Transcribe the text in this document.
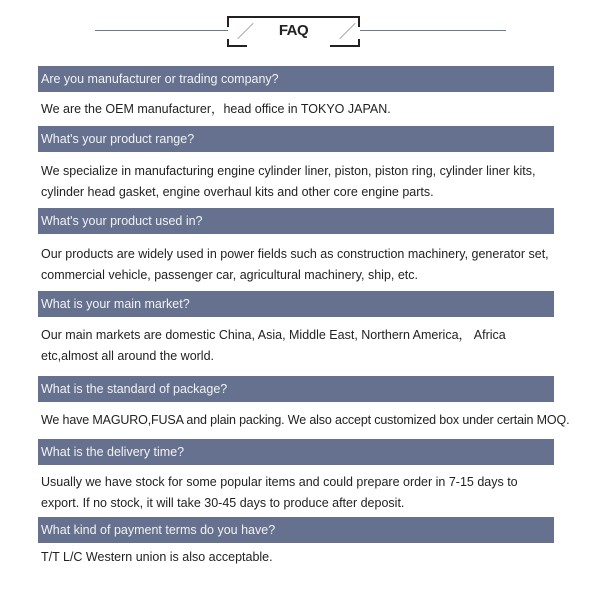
FAQ
Are you manufacturer or trading company?
We are the OEM manufacturer，head office in TOKYO JAPAN.
What's your product range?
We specialize in manufacturing engine cylinder liner, piston, piston ring, cylinder liner kits, cylinder head gasket, engine overhaul kits and other core engine parts.
What's your product used in?
Our products are widely used in power fields such as construction machinery, generator set, commercial vehicle, passenger car, agricultural machinery, ship, etc.
What is your main market?
Our main markets are domestic China, Asia, Middle East, Northern America， Africa etc,almost all around the world.
What is the standard of package?
We have MAGURO,FUSA and plain packing. We also accept customized box under certain MOQ.
What is the delivery time?
Usually we have stock for some popular items and could prepare order in 7-15 days to export. If no stock, it will take 30-45 days to produce after deposit.
What kind of payment terms do you have?
T/T L/C Western union is also acceptable.
